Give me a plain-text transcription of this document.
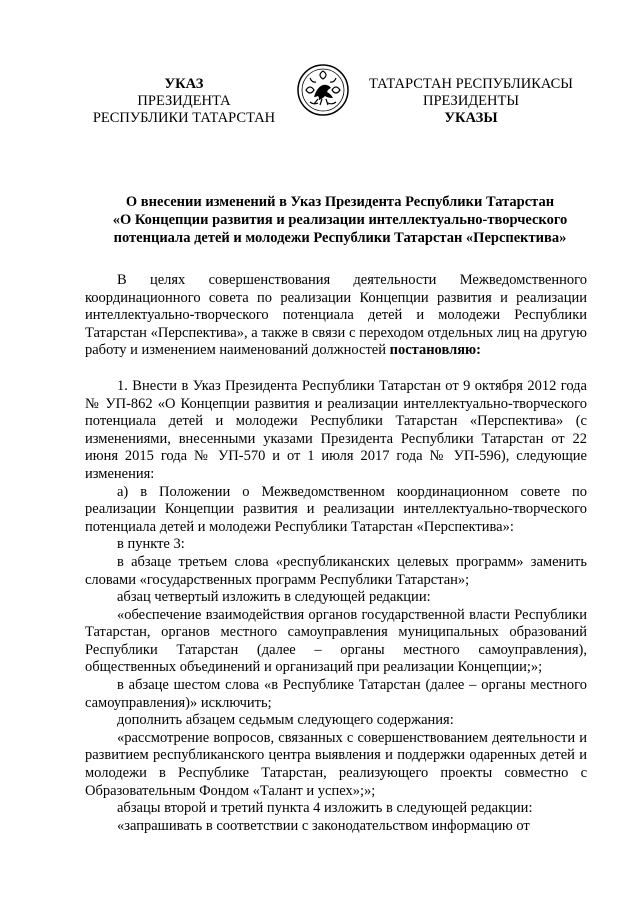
УКАЗ
ПРЕЗИДЕНТА
РЕСПУБЛИКИ ТАТАРСТАН
ТАТАРСТАН РЕСПУБЛИКАСЫ
ПРЕЗИДЕНТЫ
УКАЗЫ
О внесении изменений в Указ Президента Республики Татарстан
«О Концепции развития и реализации интеллектуально-творческого
потенциала детей и молодежи Республики Татарстан «Перспектива»

В целях совершенствования деятельности Межведомственного координационного совета по реализации Концепции развития и реализации интеллектуально-творческого потенциала детей и молодежи Республики Татарстан «Перспектива», а также в связи с переходом отдельных лиц на другую работу и изменением наименований должностей постановляю:

1. Внести в Указ Президента Республики Татарстан от 9 октября 2012 года № УП-862 «О Концепции развития и реализации интеллектуально-творческого потенциала детей и молодежи Республики Татарстан «Перспектива» (с изменениями, внесенными указами Президента Республики Татарстан от 22 июня 2015 года № УП-570 и от 1 июля 2017 года № УП-596), следующие изменения:

а) в Положении о Межведомственном координационном совете по реализации Концепции развития и реализации интеллектуально-творческого потенциала детей и молодежи Республики Татарстан «Перспектива»:

в пункте 3:

в абзаце третьем слова «республиканских целевых программ» заменить словами «государственных программ Республики Татарстан»;

абзац четвертый изложить в следующей редакции:

«обеспечение взаимодействия органов государственной власти Республики Татарстан, органов местного самоуправления муниципальных образований Республики Татарстан (далее – органы местного самоуправления), общественных объединений и организаций при реализации Концепции;»;

в абзаце шестом слова «в Республике Татарстан (далее – органы местного самоуправления)» исключить;

дополнить абзацем седьмым следующего содержания:

«рассмотрение вопросов, связанных с совершенствованием деятельности и развитием республиканского центра выявления и поддержки одаренных детей и молодежи в Республике Татарстан, реализующего проекты совместно с Образовательным Фондом «Талант и успех»;»;

абзацы второй и третий пункта 4 изложить в следующей редакции:

«запрашивать в соответствии с законодательством информацию от
